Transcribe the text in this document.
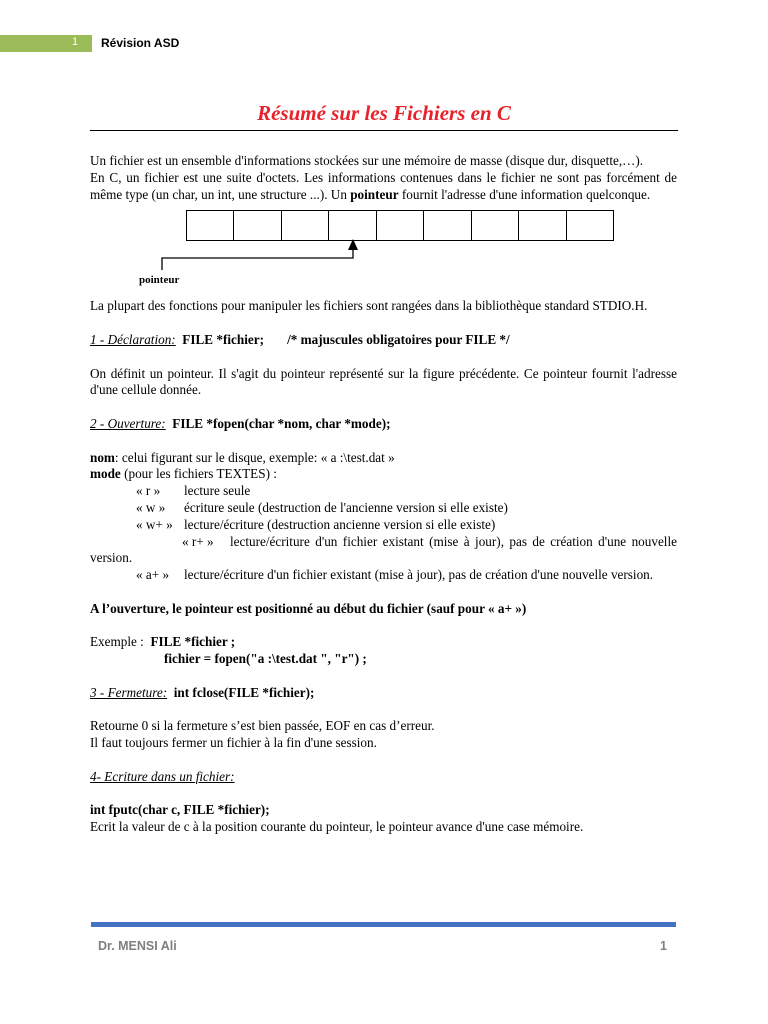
1 Révision ASD
Résumé sur les Fichiers en C

Un fichier est un ensemble d'informations stockées sur une mémoire de masse (disque dur, disquette,…).

En C, un fichier est une suite d'octets. Les informations contenues dans le fichier ne sont pas forcément de même type (un char, un int, une structure ...). Un pointeur fournit l'adresse d'une information quelconque.

pointeur

La plupart des fonctions pour manipuler les fichiers sont rangées dans la bibliothèque standard STDIO.H.

1 - Déclaration: FILE *fichier; /* majuscules obligatoires pour FILE */

On définit un pointeur. Il s'agit du pointeur représenté sur la figure précédente. Ce pointeur fournit l'adresse d'une cellule donnée.

2 - Ouverture: FILE *fopen(char *nom, char *mode);

nom: celui figurant sur le disque, exemple: « a :\test.dat »

mode (pour les fichiers TEXTES) :

« r » lecture seule

« w » écriture seule (destruction de l'ancienne version si elle existe)

« w+ » lecture/écriture (destruction ancienne version si elle existe)

« r+ » lecture/écriture d'un fichier existant (mise à jour), pas de création d'une nouvelle version.

« a+ » lecture/écriture d'un fichier existant (mise à jour), pas de création d'une nouvelle version.

A l’ouverture, le pointeur est positionné au début du fichier (sauf pour « a+ »)

Exemple : FILE *fichier ;

fichier = fopen("a :\test.dat ", "r") ;

3 - Fermeture: int fclose(FILE *fichier);

Retourne 0 si la fermeture s’est bien passée, EOF en cas d’erreur.

Il faut toujours fermer un fichier à la fin d'une session.

4- Ecriture dans un fichier:

int fputc(char c, FILE *fichier);

Ecrit la valeur de c à la position courante du pointeur, le pointeur avance d'une case mémoire.

Dr. MENSI Ali	1
